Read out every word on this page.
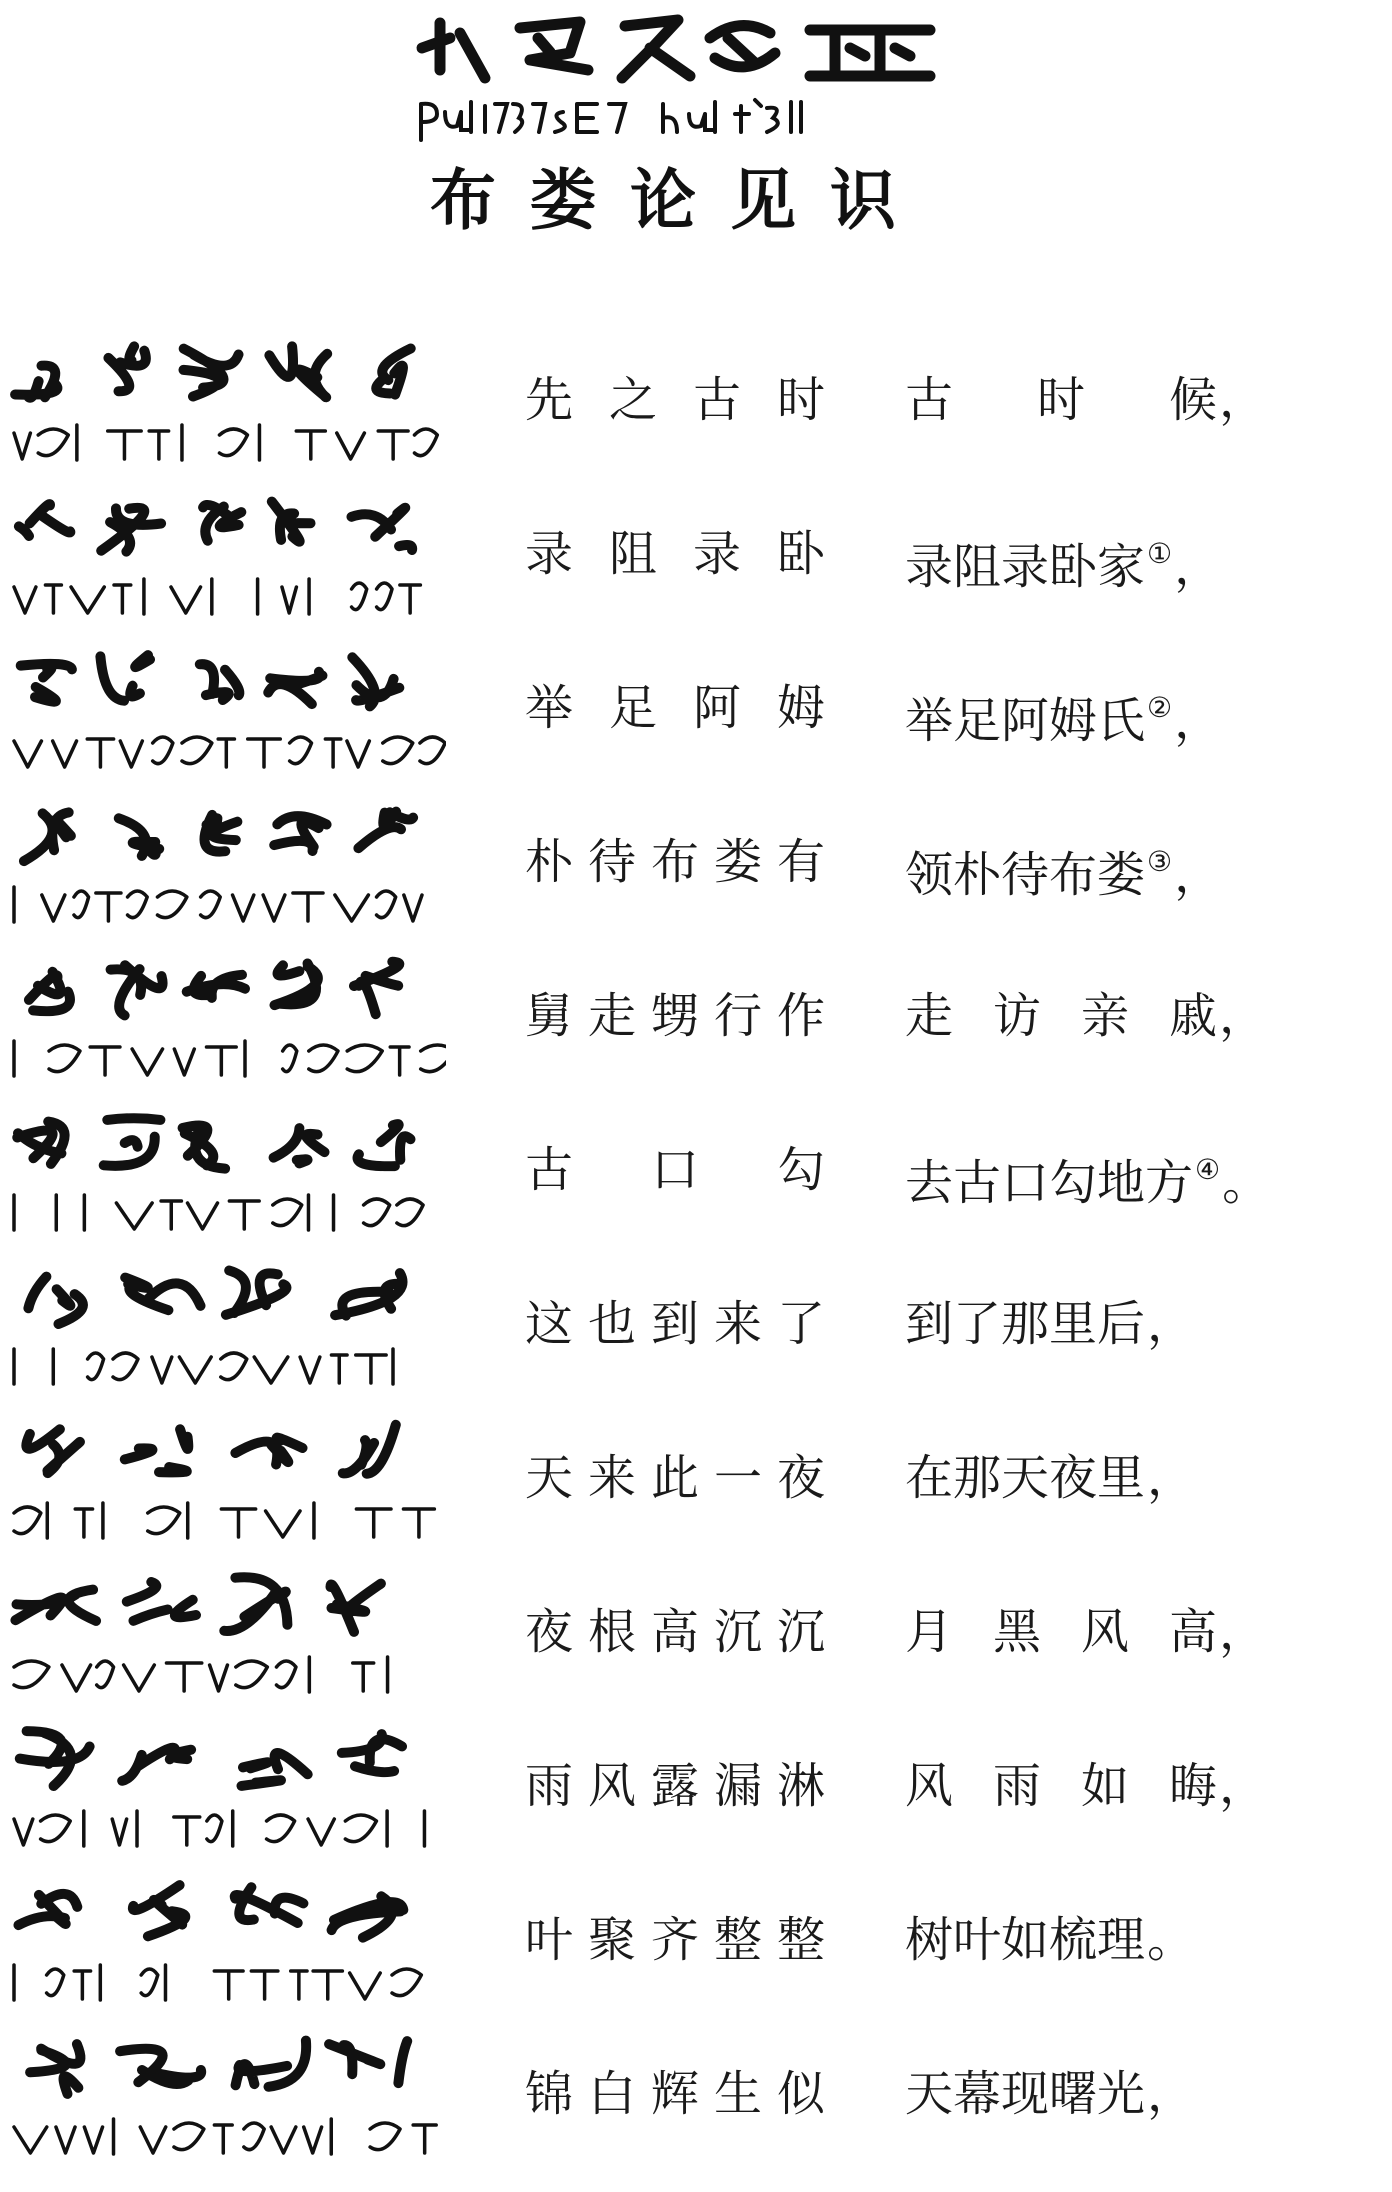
布娄论见识
先之古时 古时候，
录阻录卧 录阻录卧家①，
举足阿姆 举足阿姆氏②，
朴待布娄有 领朴待布娄③，
舅走甥行作 走访亲戚，
古口勾 去古口勾地方④。
这也到来了 到了那里后，
天来此一夜 在那天夜里，
夜根高沉沉 月黑风高，
雨风露漏淋 风雨如晦，
叶聚齐整整 树叶如梳理。
锦白辉生似 天幕现曙光，
